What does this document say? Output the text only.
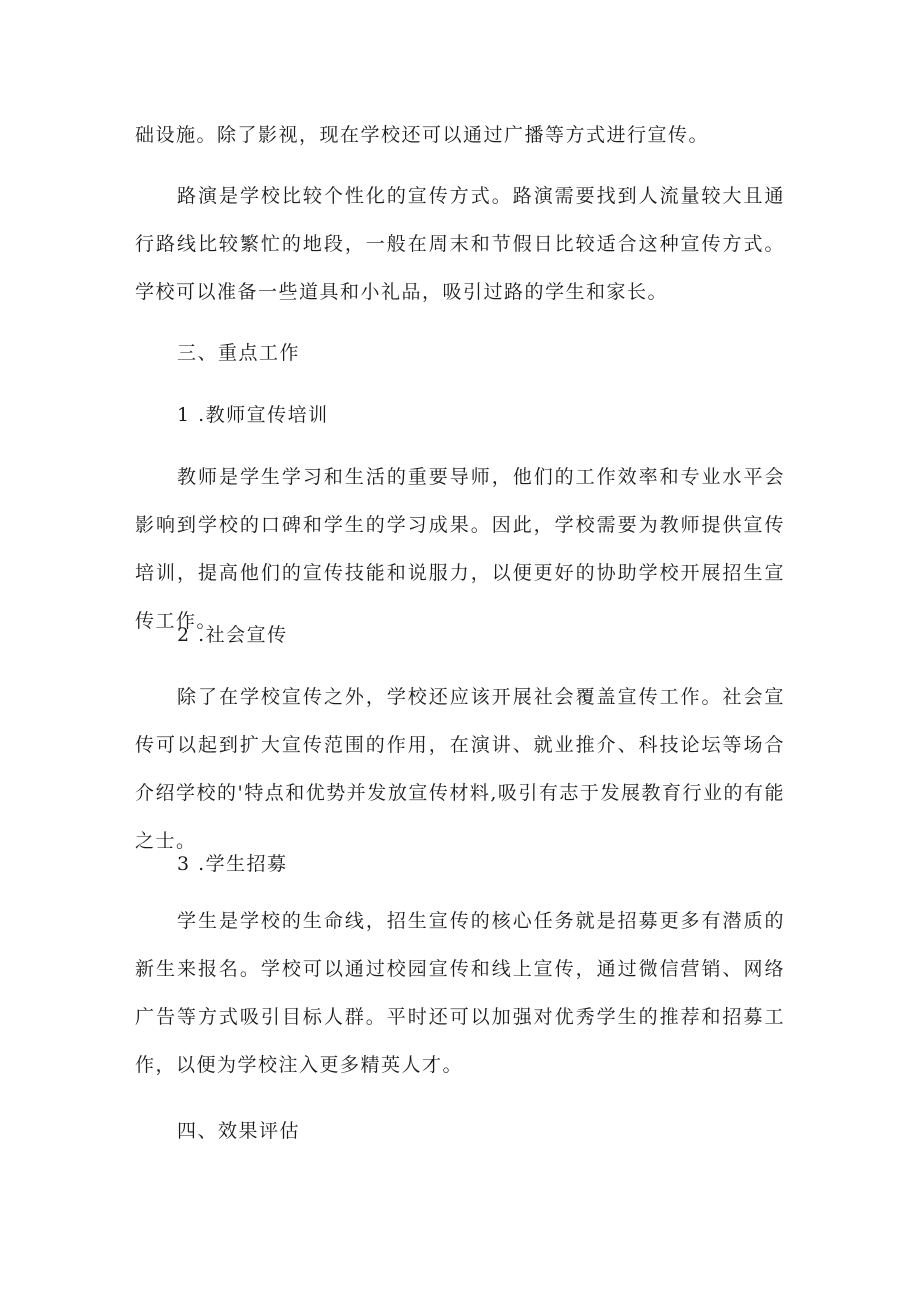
础设施。除了影视，现在学校还可以通过广播等方式进行宣传。

路演是学校比较个性化的宣传方式。路演需要找到人流量较大且通行路线比较繁忙的地段，一般在周末和节假日比较适合这种宣传方式。学校可以准备一些道具和小礼品，吸引过路的学生和家长。

三、重点工作

1 .教师宣传培训

教师是学生学习和生活的重要导师，他们的工作效率和专业水平会影响到学校的口碑和学生的学习成果。因此，学校需要为教师提供宣传培训，提高他们的宣传技能和说服力，以便更好的协助学校开展招生宣传工作。

2 .社会宣传

除了在学校宣传之外，学校还应该开展社会覆盖宣传工作。社会宣传可以起到扩大宣传范围的作用，在演讲、就业推介、科技论坛等场合介绍学校的'特点和优势并发放宣传材料,吸引有志于发展教育行业的有能之士。

3 .学生招募

学生是学校的生命线，招生宣传的核心任务就是招募更多有潜质的新生来报名。学校可以通过校园宣传和线上宣传，通过微信营销、网络广告等方式吸引目标人群。平时还可以加强对优秀学生的推荐和招募工作，以便为学校注入更多精英人才。

四、效果评估
